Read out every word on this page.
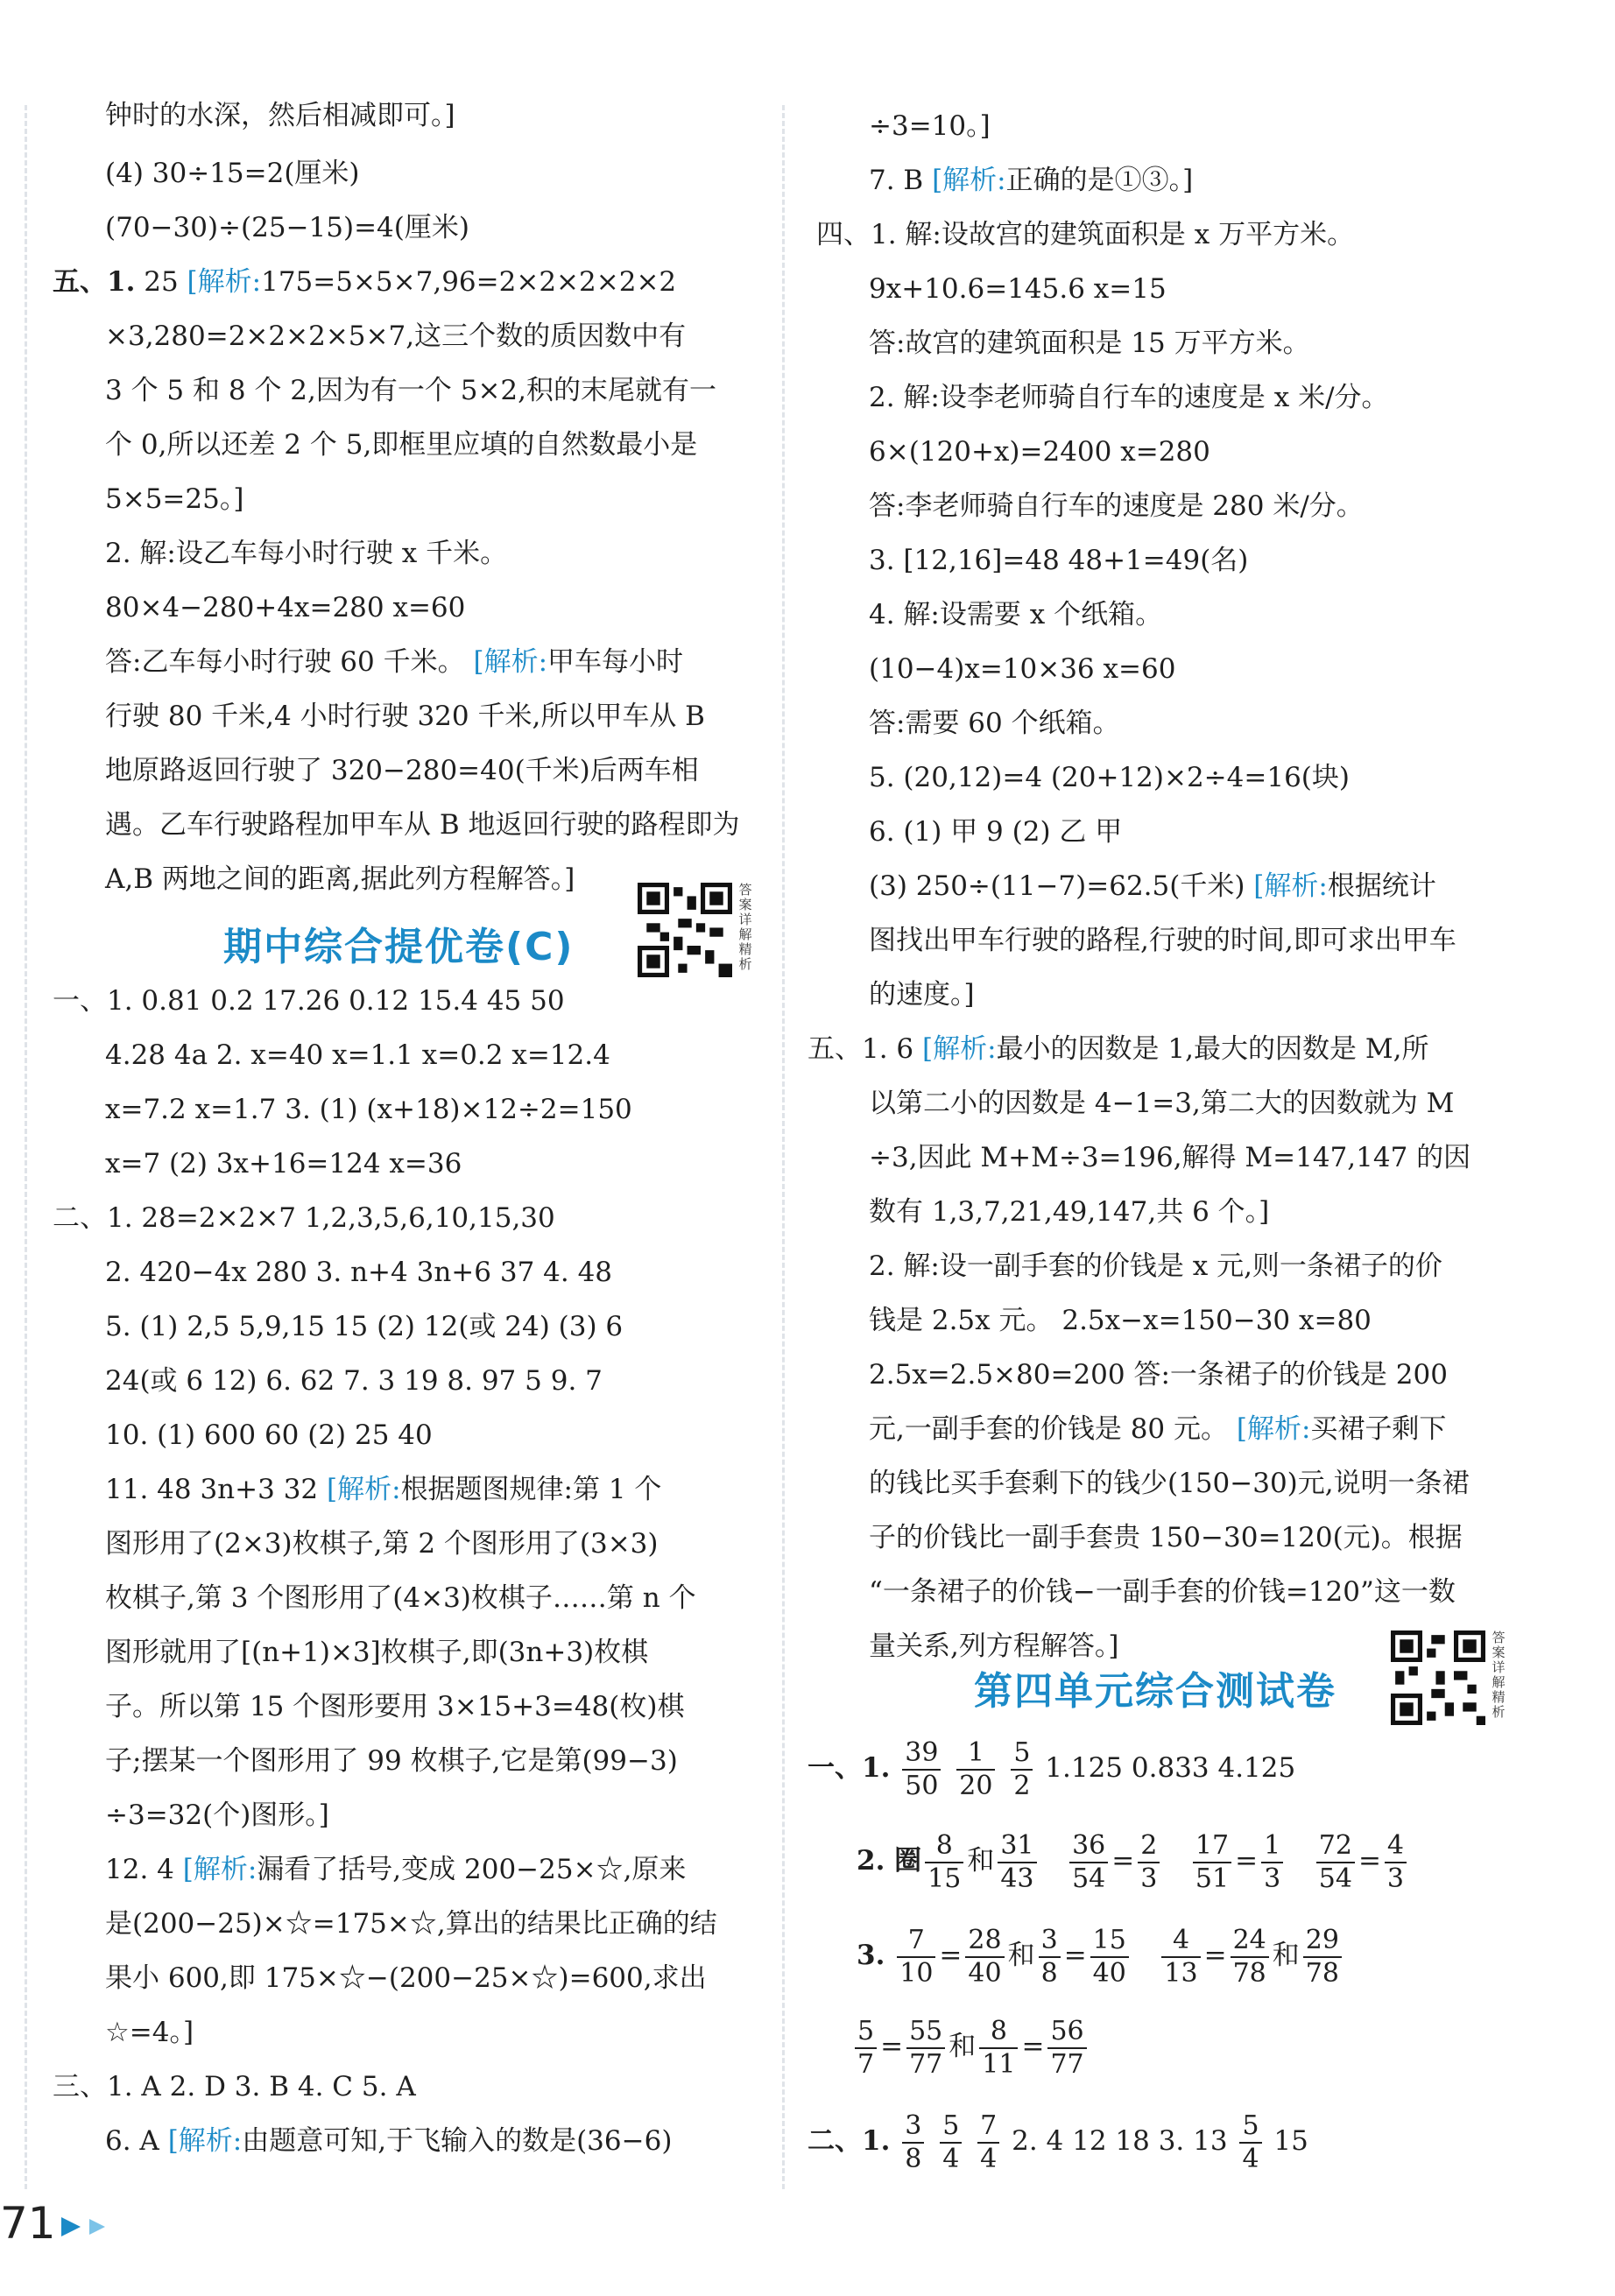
钟时的水深，然后相减即可。]
(4) 30÷15=2(厘米)
(70−30)÷(25−15)=4(厘米)
五、1. 25 [解析:175=5×5×7,96=2×2×2×2×2
×3,280=2×2×2×5×7,这三个数的质因数中有
3 个 5 和 8 个 2,因为有一个 5×2,积的末尾就有一
个 0,所以还差 2 个 5,即框里应填的自然数最小是
5×5=25。]
2. 解:设乙车每小时行驶 x 千米。
80×4−280+4x=280 x=60
答:乙车每小时行驶 60 千米。 [解析:甲车每小时
行驶 80 千米,4 小时行驶 320 千米,所以甲车从 B
地原路返回行驶了 320−280=40(千米)后两车相
遇。乙车行驶路程加甲车从 B 地返回行驶的路程即为
A,B 两地之间的距离,据此列方程解答。]
期中综合提优卷(C)
答案详解精析
一、1. 0.81 0.2 17.26 0.12 15.4 45 50
4.28 4a 2. x=40 x=1.1 x=0.2 x=12.4
x=7.2 x=1.7 3. (1) (x+18)×12÷2=150
x=7 (2) 3x+16=124 x=36
二、1. 28=2×2×7 1,2,3,5,6,10,15,30
2. 420−4x 280 3. n+4 3n+6 37 4. 48
5. (1) 2,5 5,9,15 15 (2) 12(或 24) (3) 6
24(或 6 12) 6. 62 7. 3 19 8. 97 5 9. 7
10. (1) 600 60 (2) 25 40
11. 48 3n+3 32 [解析:根据题图规律:第 1 个
图形用了(2×3)枚棋子,第 2 个图形用了(3×3)
枚棋子,第 3 个图形用了(4×3)枚棋子……第 n 个
图形就用了[(n+1)×3]枚棋子,即(3n+3)枚棋
子。所以第 15 个图形要用 3×15+3=48(枚)棋
子;摆某一个图形用了 99 枚棋子,它是第(99−3)
÷3=32(个)图形。]
12. 4 [解析:漏看了括号,变成 200−25×☆,原来
是(200−25)×☆=175×☆,算出的结果比正确的结
果小 600,即 175×☆−(200−25×☆)=600,求出
☆=4。]
三、1. A 2. D 3. B 4. C 5. A
6. A [解析:由题意可知,于飞输入的数是(36−6)
÷3=10。]
7. B [解析:正确的是①③。]
四、1. 解:设故宫的建筑面积是 x 万平方米。
9x+10.6=145.6 x=15
答:故宫的建筑面积是 15 万平方米。
2. 解:设李老师骑自行车的速度是 x 米/分。
6×(120+x)=2400 x=280
答:李老师骑自行车的速度是 280 米/分。
3. [12,16]=48 48+1=49(名)
4. 解:设需要 x 个纸箱。
(10−4)x=10×36 x=60
答:需要 60 个纸箱。
5. (20,12)=4 (20+12)×2÷4=16(块)
6. (1) 甲 9 (2) 乙 甲
(3) 250÷(11−7)=62.5(千米) [解析:根据统计
图找出甲车行驶的路程,行驶的时间,即可求出甲车
的速度。]
五、1. 6 [解析:最小的因数是 1,最大的因数是 M,所
以第二小的因数是 4−1=3,第二大的因数就为 M
÷3,因此 M+M÷3=196,解得 M=147,147 的因
数有 1,3,7,21,49,147,共 6 个。]
2. 解:设一副手套的价钱是 x 元,则一条裙子的价
钱是 2.5x 元。 2.5x−x=150−30 x=80
2.5x=2.5×80=200 答:一条裙子的价钱是 200
元,一副手套的价钱是 80 元。 [解析:买裙子剩下
的钱比买手套剩下的钱少(150−30)元,说明一条裙
子的价钱比一副手套贵 150−30=120(元)。根据
“一条裙子的价钱−一副手套的价钱=120”这一数
量关系,列方程解答。]
第四单元综合测试卷
答案详解精析
一、1. $\frac{39}{50}$
$\frac{1}{20}$
$\frac{5}{2} 1.125$ 0.833 4.125
2. 圈 $\frac{8}{15}$ 和 $\frac{31}{43}$
$\frac{36}{54} = \frac{2}{3}$
$\frac{17}{51} = \frac{1}{3}$
$\frac{72}{54} = \frac{4}{3}$
3. $\frac{7}{10} = \frac{28}{40}$ 和 $\frac{3}{8} = \frac{15}{40}$
$\frac{4}{13} = \frac{24}{78}$ 和 $\frac{29}{78}$
$\frac{5}{7} = \frac{55}{77}$ 和 $\frac{8}{11} = \frac{56}{77}$
二、1. $\frac{3}{8}$
$\frac{5}{4}$
$\frac{7}{4} 2$. 4 12 18 3. $13 \frac{5}{4} 15$
71
